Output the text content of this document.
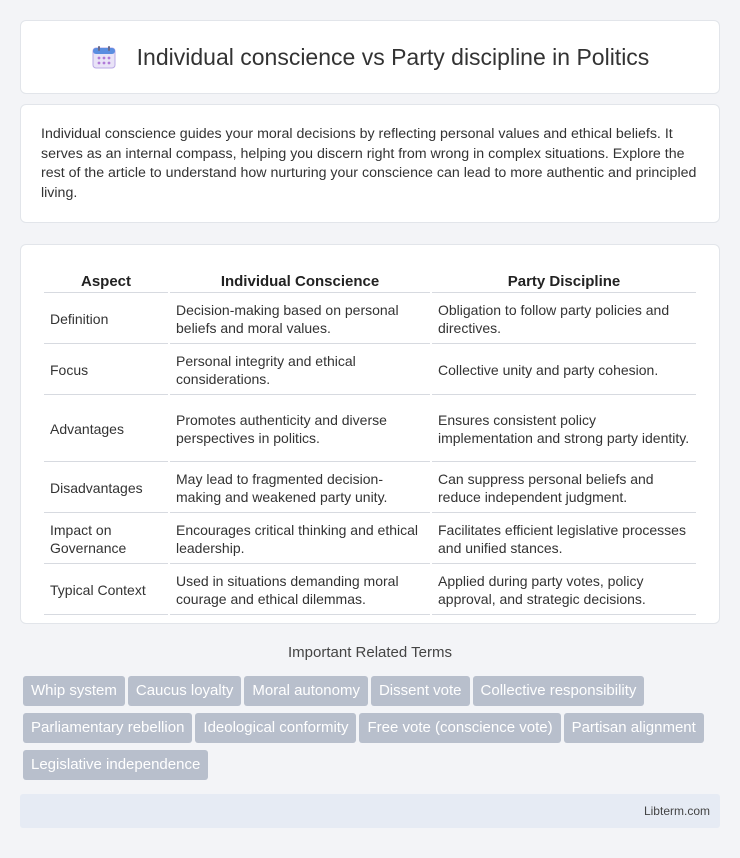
Individual conscience vs Party discipline in Politics

Individual conscience guides your moral decisions by reflecting personal values and ethical beliefs. It serves as an internal compass, helping you discern right from wrong in complex situations. Explore the rest of the article to understand how nurturing your conscience can lead to more authentic and principled living.

Aspect	Individual Conscience	Party Discipline
Definition	Decision-making based on personal beliefs and moral values.	Obligation to follow party policies and directives.
Focus	Personal integrity and ethical considerations.	Collective unity and party cohesion.
Advantages	Promotes authenticity and diverse perspectives in politics.	Ensures consistent policy implementation and strong party identity.
Disadvantages	May lead to fragmented decision-making and weakened party unity.	Can suppress personal beliefs and reduce independent judgment.
Impact on Governance	Encourages critical thinking and ethical leadership.	Facilitates efficient legislative processes and unified stances.
Typical Context	Used in situations demanding moral courage and ethical dilemmas.	Applied during party votes, policy approval, and strategic decisions.
Important Related Terms
Whip system	Caucus loyalty	Moral autonomy	Dissent vote	Collective responsibility
Parliamentary rebellion	Ideological conformity	Free vote (conscience vote)	Partisan alignment
Legislative independence
Libterm.com
